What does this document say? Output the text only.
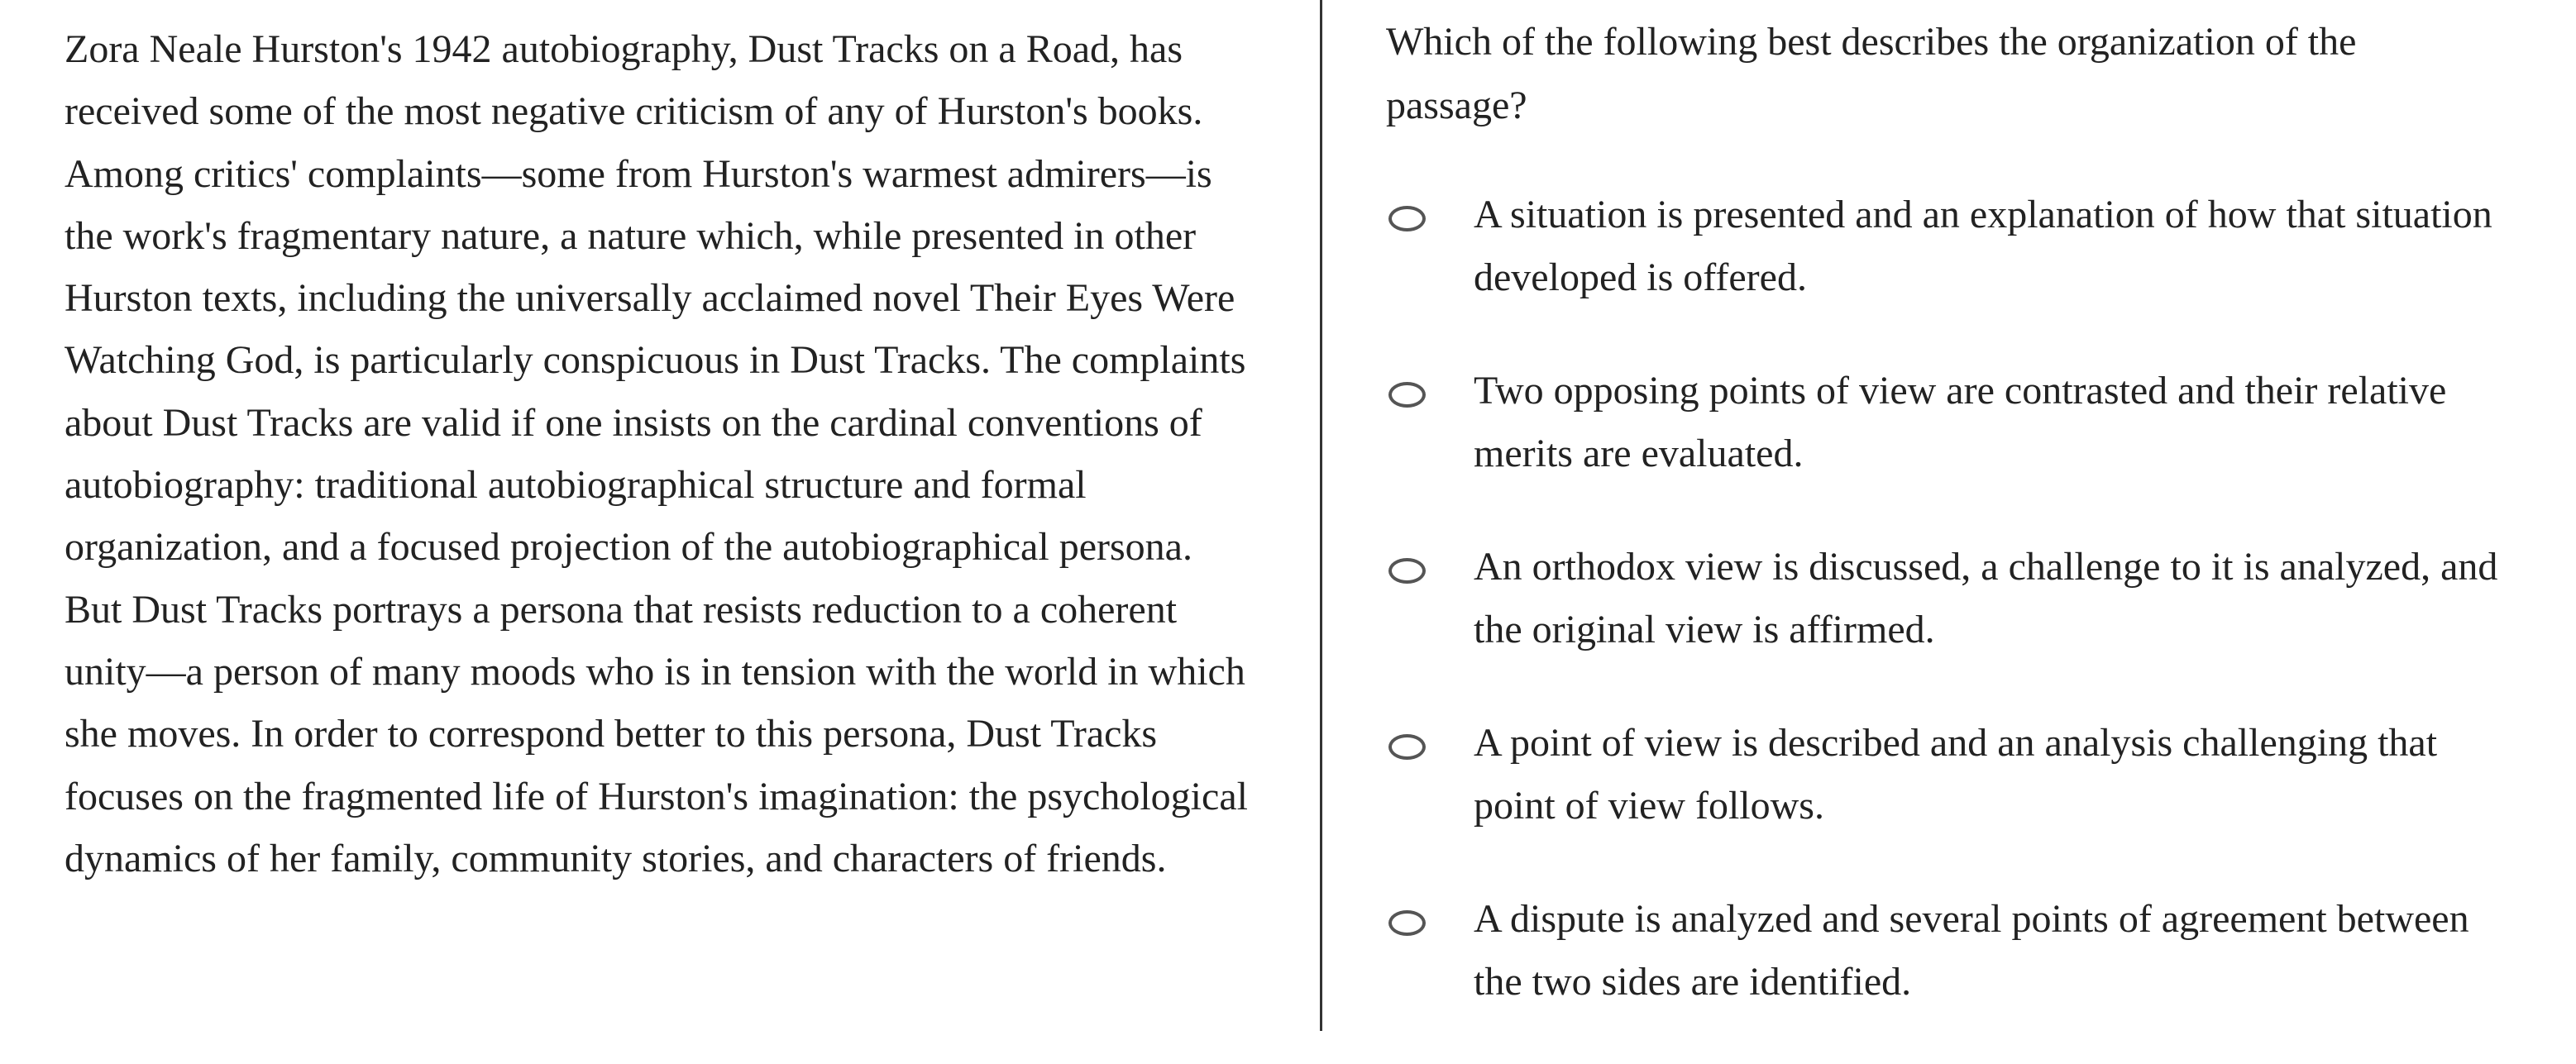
Zora Neale Hurston's 1942 autobiography, Dust Tracks on a Road, has received some of the most negative criticism of any of Hurston's books. Among critics' complaints—some from Hurston's warmest admirers—is the work's fragmentary nature, a nature which, while presented in other Hurston texts, including the universally acclaimed novel Their Eyes Were Watching God, is particularly conspicuous in Dust Tracks. The complaints about Dust Tracks are valid if one insists on the cardinal conventions of autobiography: traditional autobiographical structure and formal organization, and a focused projection of the autobiographical persona. But Dust Tracks portrays a persona that resists reduction to a coherent unity—a person of many moods who is in tension with the world in which she moves. In order to correspond better to this persona, Dust Tracks focuses on the fragmented life of Hurston's imagination: the psychological dynamics of her family, community stories, and characters of friends.

Which of the following best describes the organization of the passage?

A situation is presented and an explanation of how that situation developed is offered.
Two opposing points of view are contrasted and their relative merits are evaluated.
An orthodox view is discussed, a challenge to it is analyzed, and the original view is affirmed.
A point of view is described and an analysis challenging that point of view follows.
A dispute is analyzed and several points of agreement between the two sides are identified.
